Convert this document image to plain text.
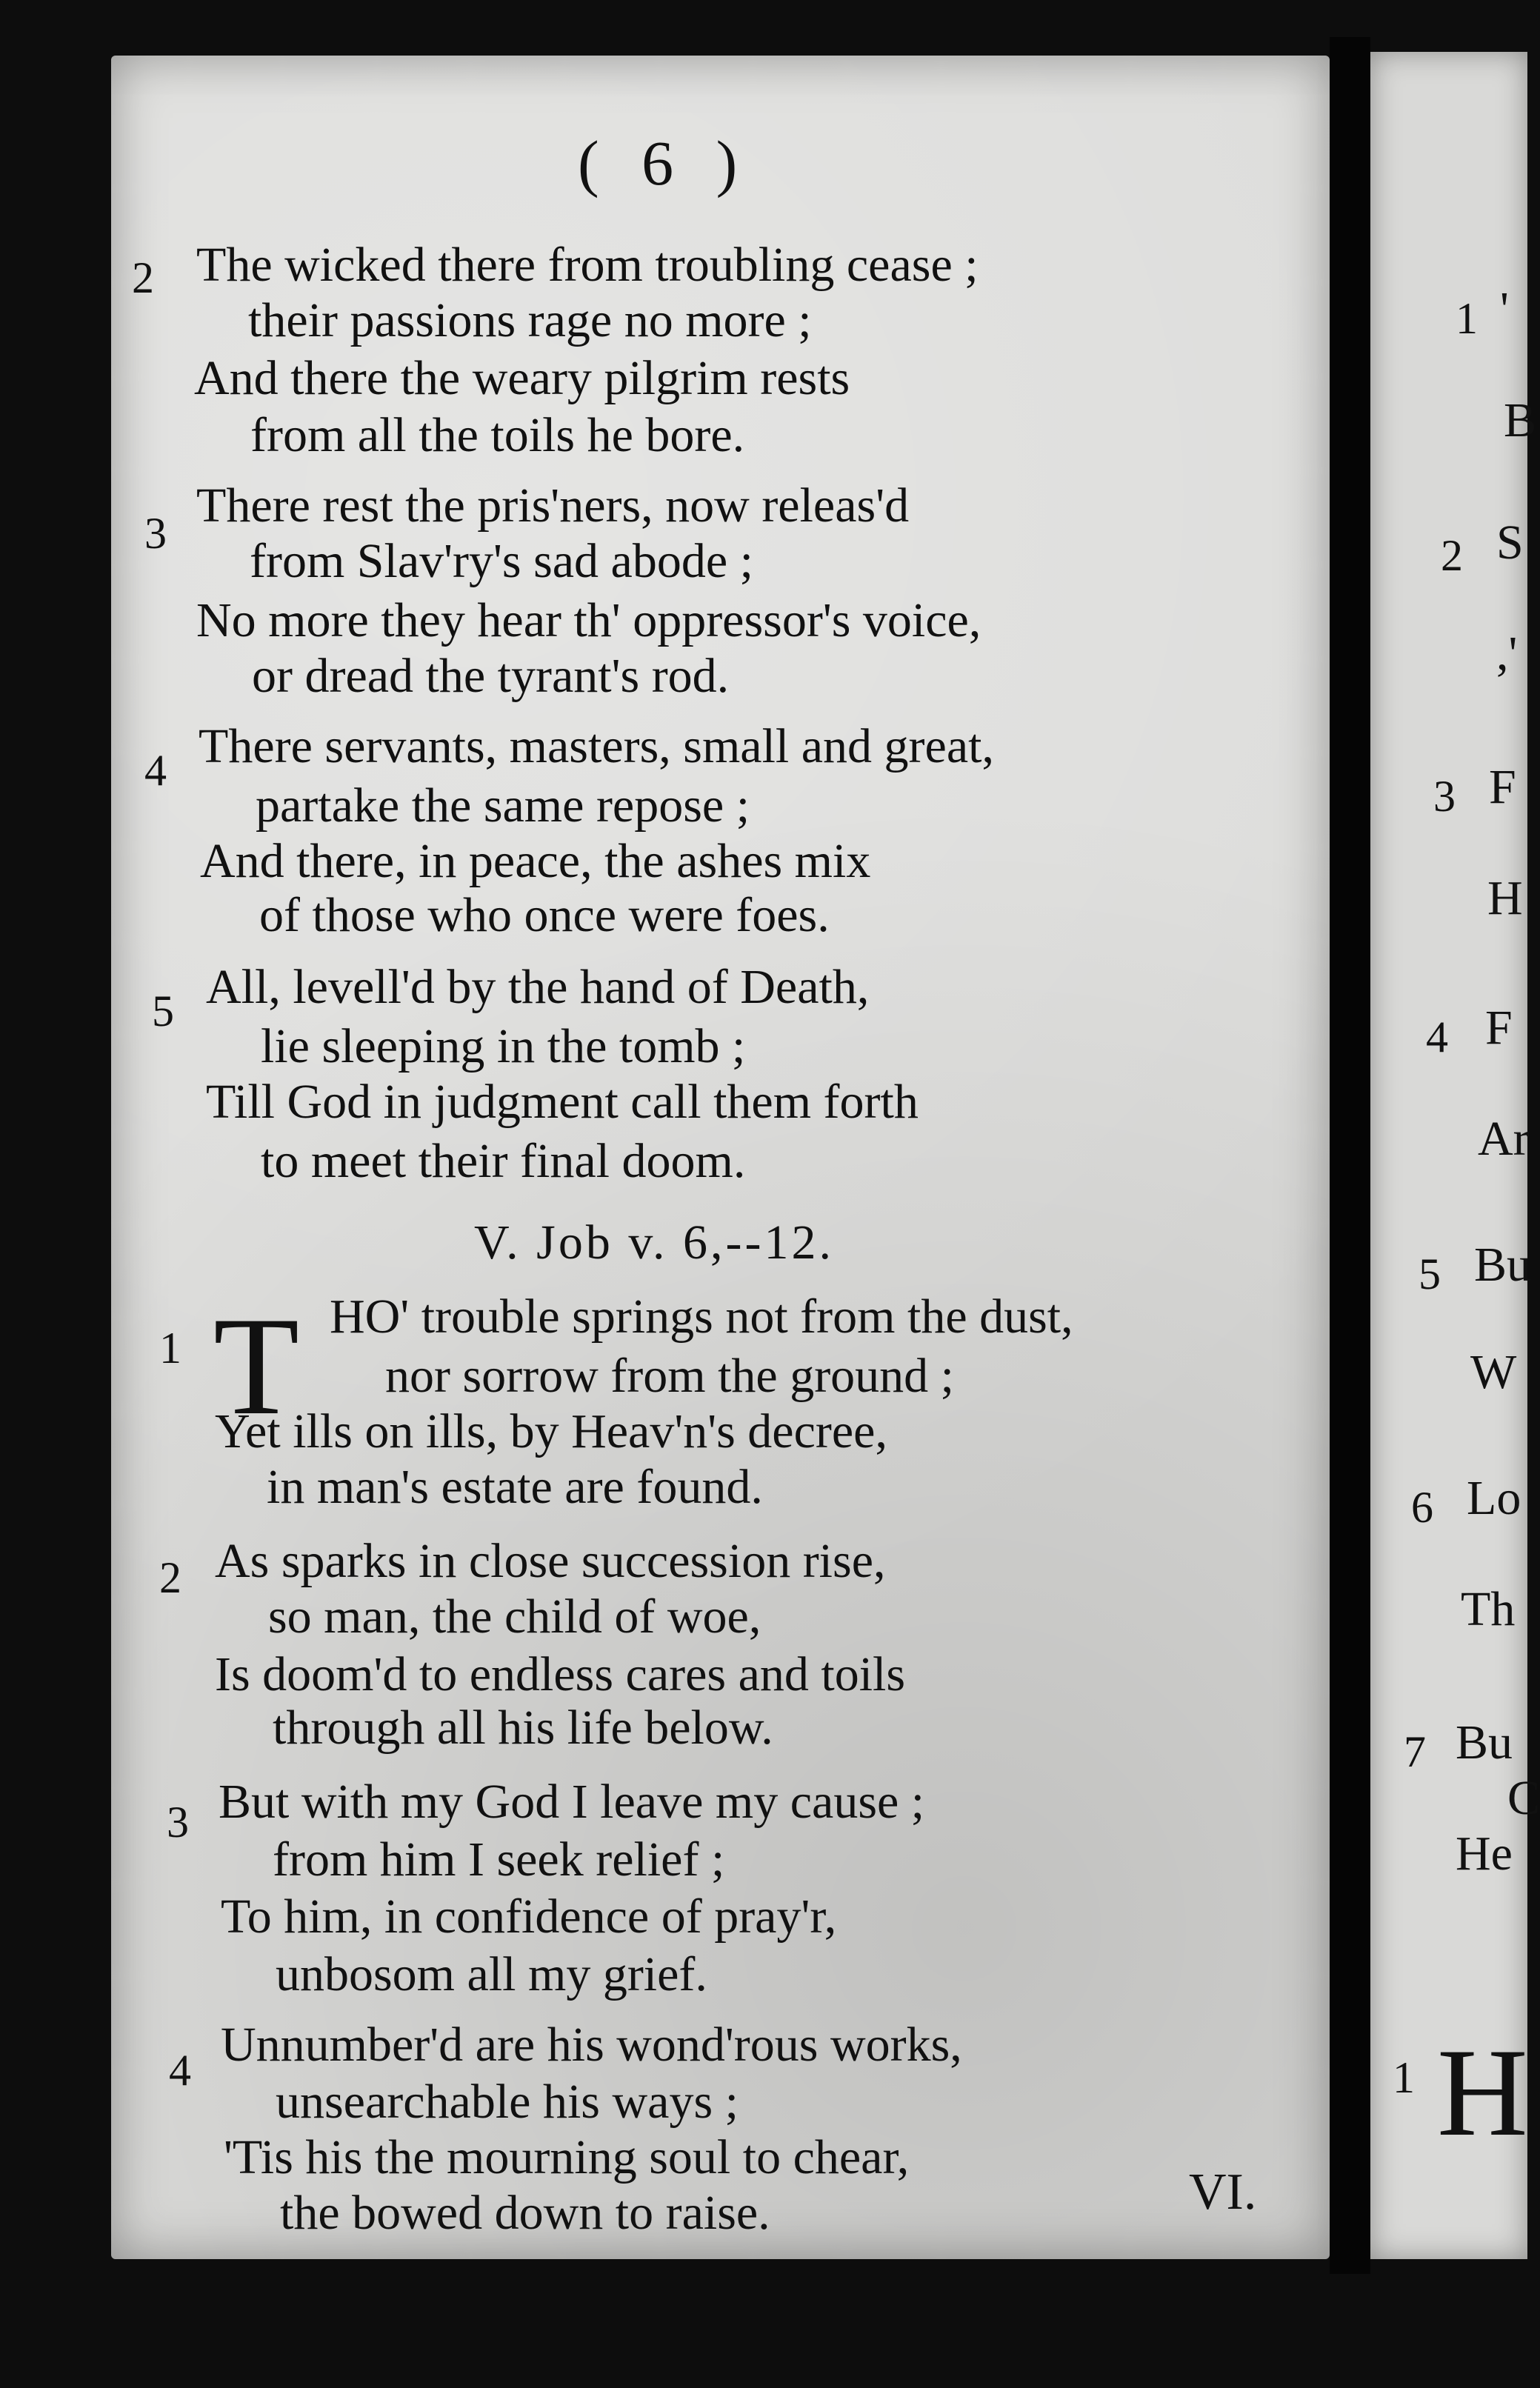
( 6 )
2 The wicked there from troubling cease ;
their passions rage no more ;
And there the weary pilgrim rests
from all the toils he bore.
3
There rest the pris'ners, now releas'd
from Slav'ry's sad abode ;
No more they hear th' oppressor's voice,
or dread the tyrant's rod.
4 There servants, masters, small and great,
partake the same repose ;
And there, in peace, the ashes mix
of those who once were foes.
5 All, levell'd by the hand of Death,
lie sleeping in the tomb ;
Till God in judgment call them forth
to meet their final doom.
V. Job v. 6,--12.
1 T HO' trouble springs not from the dust,
nor sorrow from the ground ;
Yet ills on ills, by Heav'n's decree,
in man's estate are found.
2 As sparks in close succession rise,
so man, the child of woe,
Is doom'd to endless cares and toils
through all his life below.
3 But with my God I leave my cause ;
from him I seek relief ;
To him, in confidence of pray'r,
unbosom all my grief.
4 Unnumber'd are his wond'rous works,
unsearchable his ways ;
'Tis his the mourning soul to chear,
the bowed down to raise.	VI.
1 '
B
2 S
,'
3 F
H
4 F
Ar
5 Bu
W
6 Lo
Th
7 Bu
C
He
1 H
